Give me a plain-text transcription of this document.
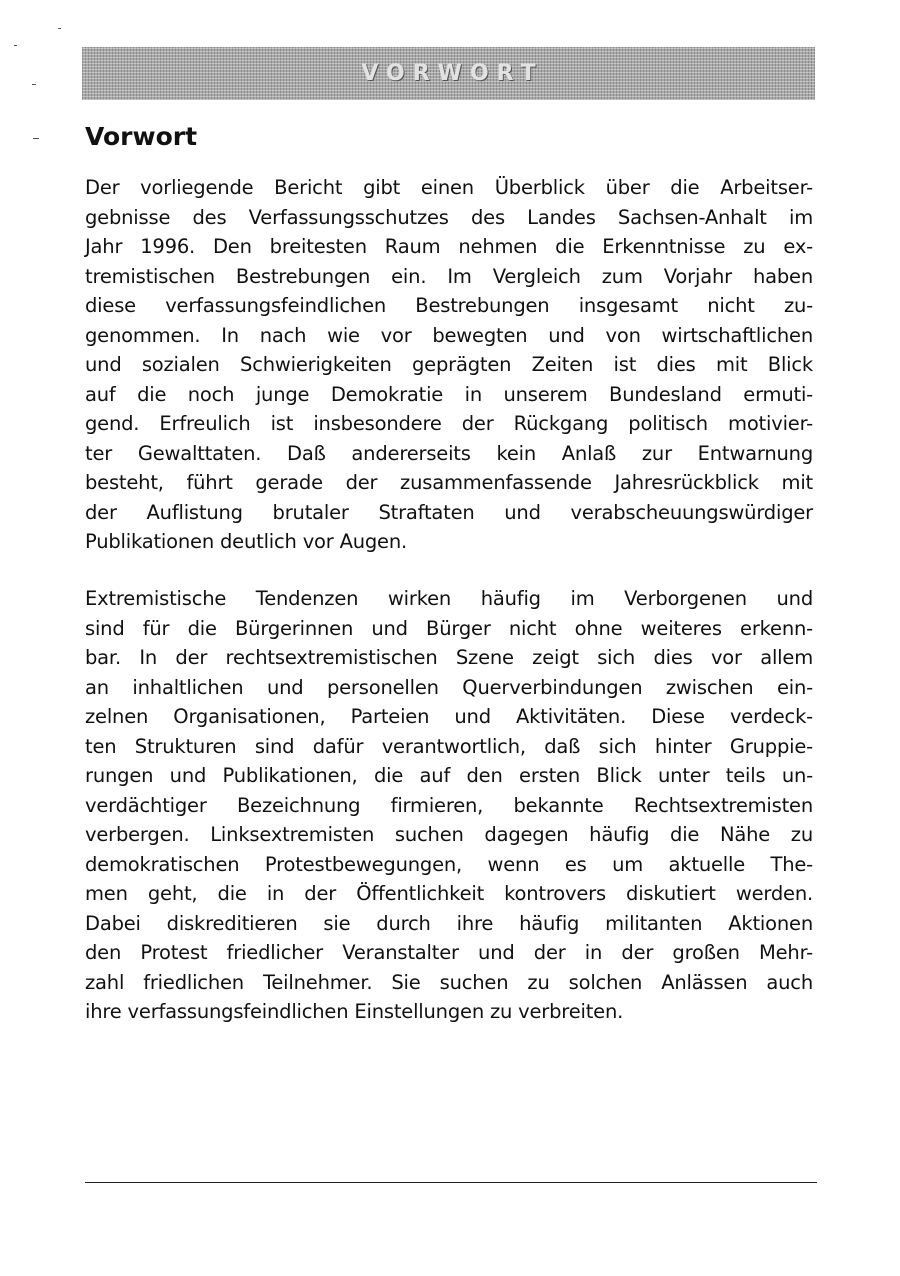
VORWORT
Vorwort
Der vorliegende Bericht gibt einen Überblick über die Arbeitser-
gebnisse des Verfassungsschutzes des Landes Sachsen-Anhalt im
Jahr 1996. Den breitesten Raum nehmen die Erkenntnisse zu ex-
tremistischen Bestrebungen ein. Im Vergleich zum Vorjahr haben
diese verfassungsfeindlichen Bestrebungen insgesamt nicht zu-
genommen. In nach wie vor bewegten und von wirtschaftlichen
und sozialen Schwierigkeiten geprägten Zeiten ist dies mit Blick
auf die noch junge Demokratie in unserem Bundesland ermuti-
gend. Erfreulich ist insbesondere der Rückgang politisch motivier-
ter Gewalttaten. Daß andererseits kein Anlaß zur Entwarnung
besteht, führt gerade der zusammenfassende Jahresrückblick mit
der Auflistung brutaler Straftaten und verabscheuungswürdiger
Publikationen deutlich vor Augen.
Extremistische Tendenzen wirken häufig im Verborgenen und
sind für die Bürgerinnen und Bürger nicht ohne weiteres erkenn-
bar. In der rechtsextremistischen Szene zeigt sich dies vor allem
an inhaltlichen und personellen Querverbindungen zwischen ein-
zelnen Organisationen, Parteien und Aktivitäten. Diese verdeck-
ten Strukturen sind dafür verantwortlich, daß sich hinter Gruppie-
rungen und Publikationen, die auf den ersten Blick unter teils un-
verdächtiger Bezeichnung firmieren, bekannte Rechtsextremisten
verbergen. Linksextremisten suchen dagegen häufig die Nähe zu
demokratischen Protestbewegungen, wenn es um aktuelle The-
men geht, die in der Öffentlichkeit kontrovers diskutiert werden.
Dabei diskreditieren sie durch ihre häufig militanten Aktionen
den Protest friedlicher Veranstalter und der in der großen Mehr-
zahl friedlichen Teilnehmer. Sie suchen zu solchen Anlässen auch
ihre verfassungsfeindlichen Einstellungen zu verbreiten.
